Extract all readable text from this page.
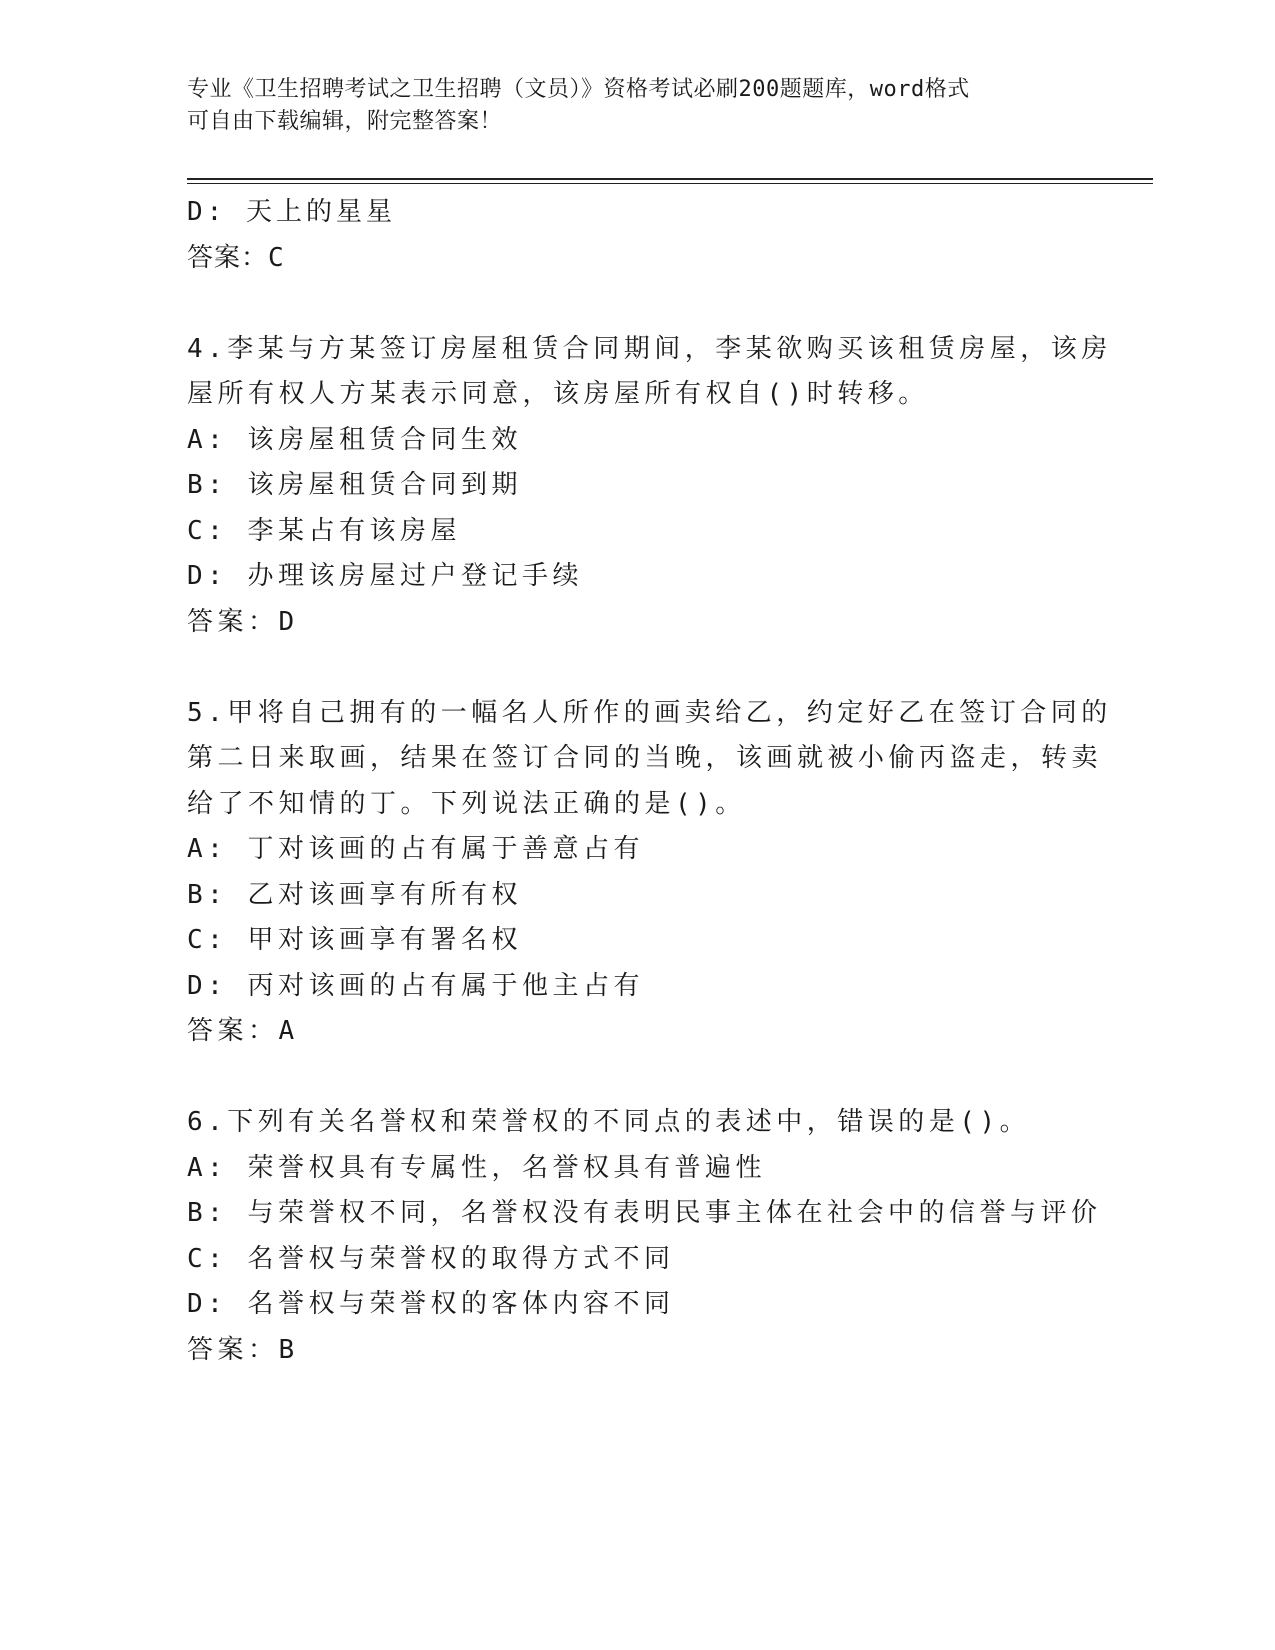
专业《卫生招聘考试之卫生招聘（文员）》资格考试必刷200题题库，word格式
可自由下载编辑，附完整答案！
D: 天上的星星
答案：C
4.李某与方某签订房屋租赁合同期间，李某欲购买该租赁房屋，该房
屋所有权人方某表示同意，该房屋所有权自()时转移。
A: 该房屋租赁合同生效
B: 该房屋租赁合同到期
C: 李某占有该房屋
D: 办理该房屋过户登记手续
答案：D
5.甲将自己拥有的一幅名人所作的画卖给乙，约定好乙在签订合同的
第二日来取画，结果在签订合同的当晚，该画就被小偷丙盗走，转卖
给了不知情的丁。下列说法正确的是()。
A: 丁对该画的占有属于善意占有
B: 乙对该画享有所有权
C: 甲对该画享有署名权
D: 丙对该画的占有属于他主占有
答案：A
6.下列有关名誉权和荣誉权的不同点的表述中，错误的是()。
A: 荣誉权具有专属性，名誉权具有普遍性
B: 与荣誉权不同，名誉权没有表明民事主体在社会中的信誉与评价
C: 名誉权与荣誉权的取得方式不同
D: 名誉权与荣誉权的客体内容不同
答案：B
